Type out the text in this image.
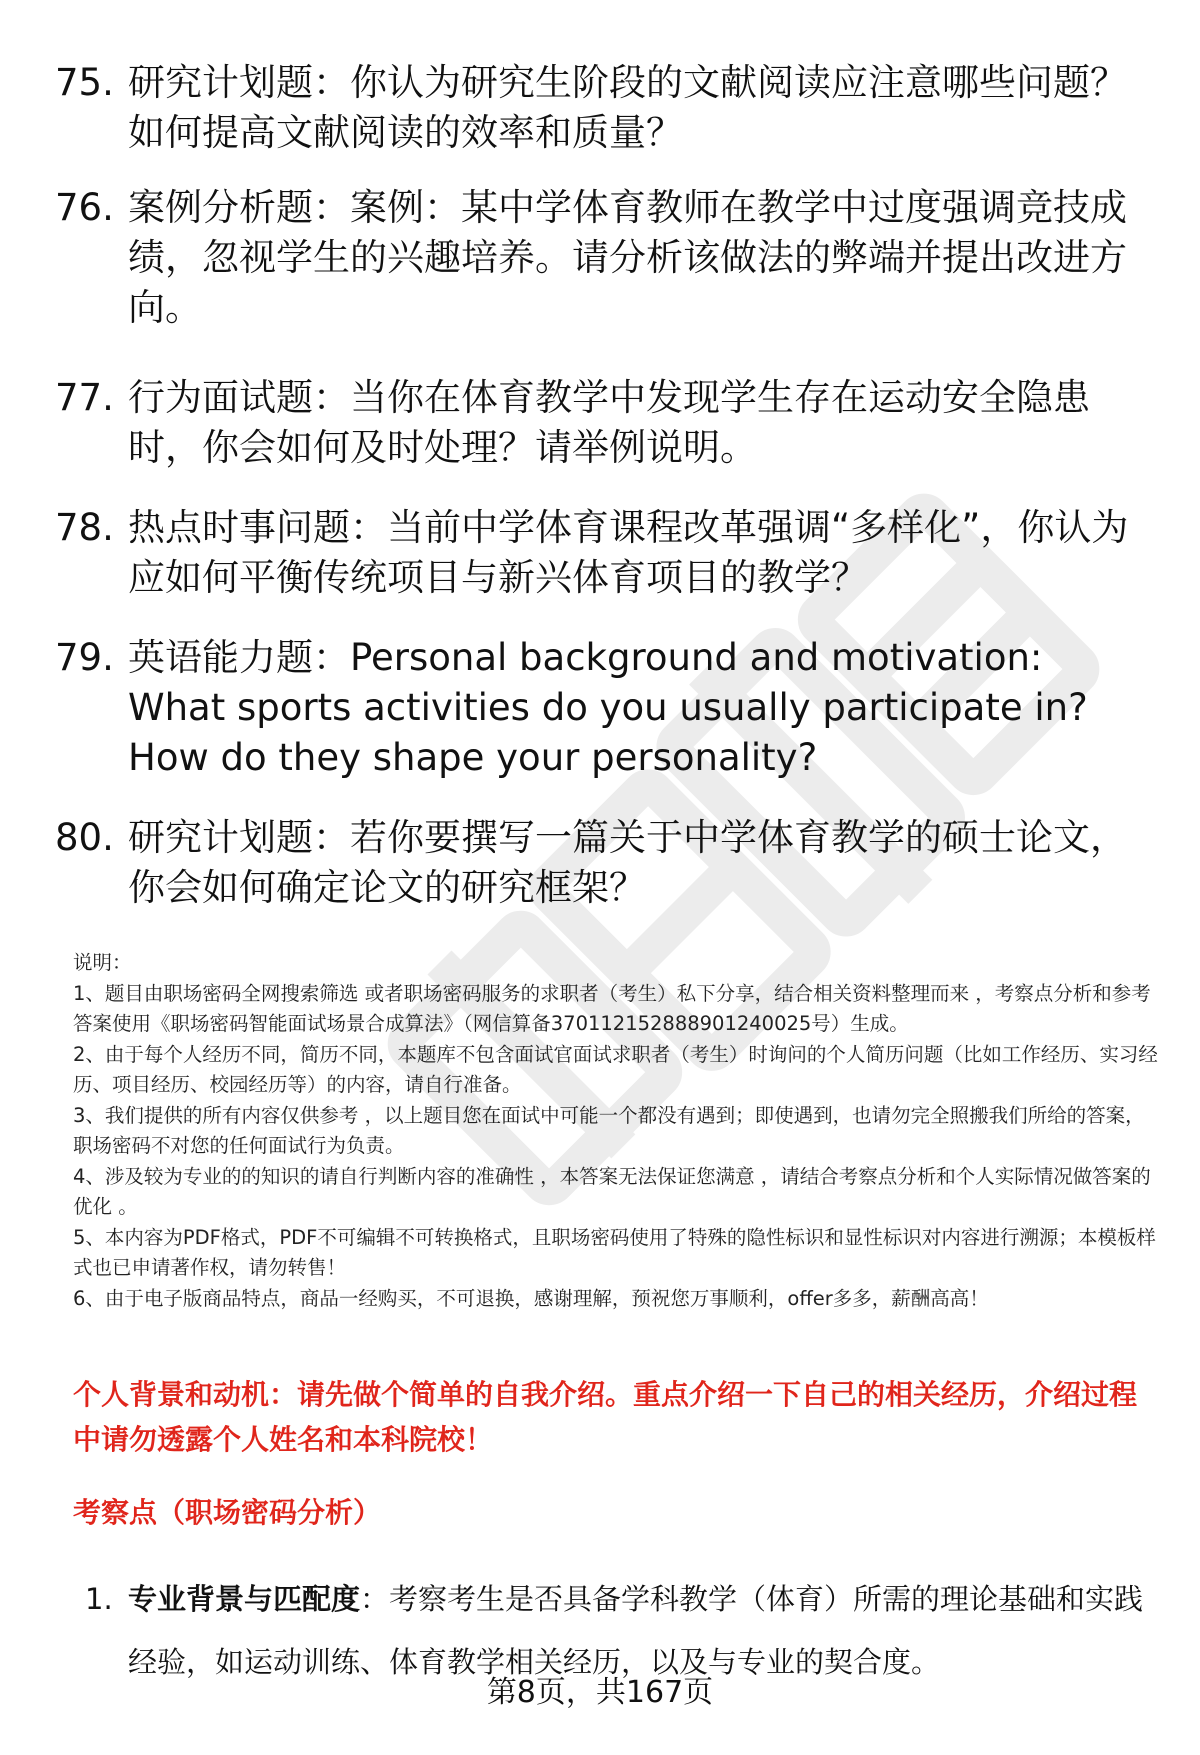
75. 研究计划题：你认为研究生阶段的文献阅读应注意哪些问题？如何提高文献阅读的效率和质量？
76. 案例分析题：案例：某中学体育教师在教学中过度强调竞技成绩，忽视学生的兴趣培养。请分析该做法的弊端并提出改进方向。
77. 行为面试题：当你在体育教学中发现学生存在运动安全隐患时，你会如何及时处理？请举例说明。
78. 热点时事问题：当前中学体育课程改革强调“多样化”，你认为应如何平衡传统项目与新兴体育项目的教学？
79. 英语能力题：Personal background and motivation: What sports activities do you usually participate in? How do they shape your personality?
80. 研究计划题：若你要撰写一篇关于中学体育教学的硕士论文，你会如何确定论文的研究框架？

说明：

1、题目由职场密码全网搜索筛选 或者职场密码服务的求职者（考生）私下分享，结合相关资料整理而来 ，考察点分析和参考答案使用《职场密码智能面试场景合成算法》（网信算备370112152888901240025号）生成。

2、由于每个人经历不同，简历不同，本题库不包含面试官面试求职者（考生）时询问的个人简历问题（比如工作经历、实习经历、项目经历、校园经历等）的内容，请自行准备。

3、我们提供的所有内容仅供参考 ，以上题目您在面试中可能一个都没有遇到；即使遇到，也请勿完全照搬我们所给的答案，职场密码不对您的任何面试行为负责。

4、涉及较为专业的的知识的请自行判断内容的准确性 ，本答案无法保证您满意 ，请结合考察点分析和个人实际情况做答案的优化 。

5、本内容为PDF格式，PDF不可编辑不可转换格式，且职场密码使用了特殊的隐性标识和显性标识对内容进行溯源；本模板样式也已申请著作权，请勿转售！

6、由于电子版商品特点，商品一经购买，不可退换，感谢理解，预祝您万事顺利，offer多多，薪酬高高！

个人背景和动机：请先做个简单的自我介绍。重点介绍一下自己的相关经历，介绍过程中请勿透露个人姓名和本科院校！
考察点（职场密码分析）
1. 专业背景与匹配度：考察考生是否具备学科教学（体育）所需的理论基础和实践经验，如运动训练、体育教学相关经历，以及与专业的契合度。
第8页，共167页
